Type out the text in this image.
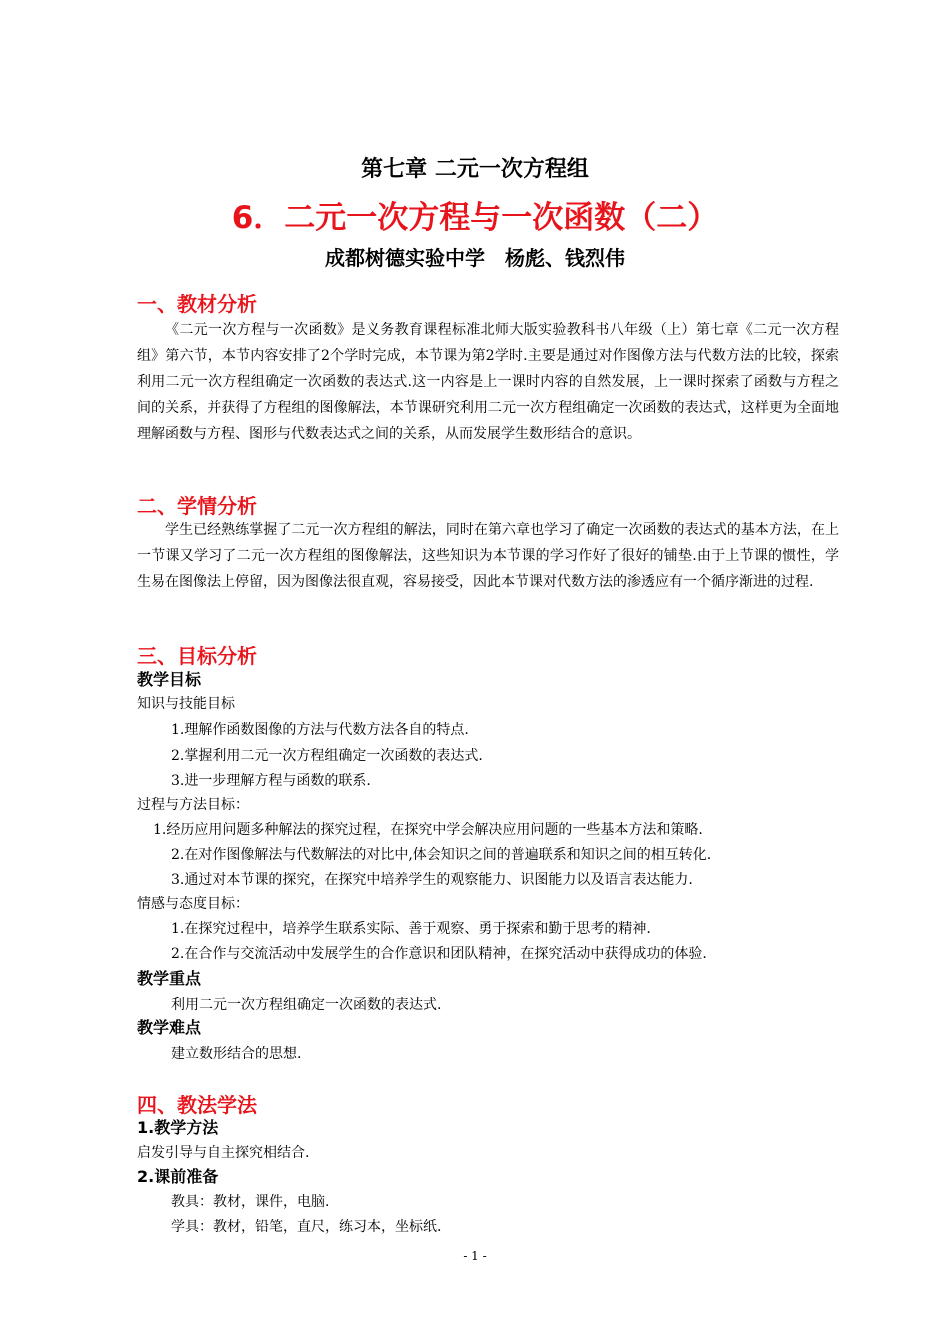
第七章 二元一次方程组
6．二元一次方程与一次函数（二）
成都树德实验中学　杨彪、钱烈伟
一、教材分析

《二元一次方程与一次函数》是义务教育课程标准北师大版实验教科书八年级（上）第七章《二元一次方程组》第六节，本节内容安排了2个学时完成，本节课为第2学时.主要是通过对作图像方法与代数方法的比较，探索利用二元一次方程组确定一次函数的表达式.这一内容是上一课时内容的自然发展，上一课时探索了函数与方程之间的关系，并获得了方程组的图像解法，本节课研究利用二元一次方程组确定一次函数的表达式，这样更为全面地理解函数与方程、图形与代数表达式之间的关系，从而发展学生数形结合的意识。

二、学情分析

学生已经熟练掌握了二元一次方程组的解法，同时在第六章也学习了确定一次函数的表达式的基本方法，在上一节课又学习了二元一次方程组的图像解法，这些知识为本节课的学习作好了很好的铺垫.由于上节课的惯性，学生易在图像法上停留，因为图像法很直观，容易接受，因此本节课对代数方法的渗透应有一个循序渐进的过程.

三、目标分析
教学目标
知识与技能目标

1.理解作函数图像的方法与代数方法各自的特点.

2.掌握利用二元一次方程组确定一次函数的表达式.

3.进一步理解方程与函数的联系.

过程与方法目标：

1.经历应用问题多种解法的探究过程，在探究中学会解决应用问题的一些基本方法和策略.

2.在对作图像解法与代数解法的对比中,体会知识之间的普遍联系和知识之间的相互转化.

3.通过对本节课的探究，在探究中培养学生的观察能力、识图能力以及语言表达能力.

情感与态度目标：

1.在探究过程中，培养学生联系实际、善于观察、勇于探索和勤于思考的精神.

2.在合作与交流活动中发展学生的合作意识和团队精神，在探究活动中获得成功的体验.

教学重点

利用二元一次方程组确定一次函数的表达式.

教学难点

建立数形结合的思想.

四、教法学法
1.教学方法

启发引导与自主探究相结合.

2.课前准备

教具：教材，课件，电脑.

学具：教材，铅笔，直尺，练习本，坐标纸.

- 1 -
